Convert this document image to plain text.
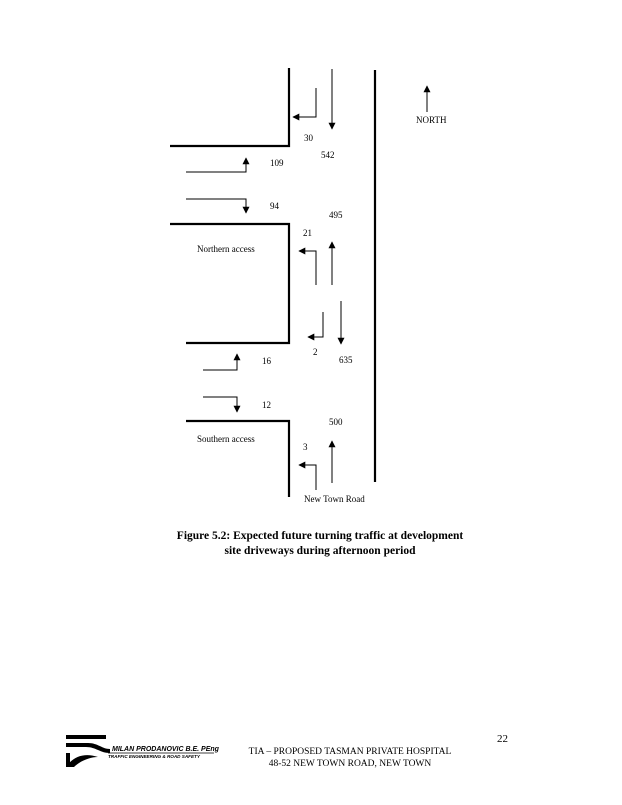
NORTH
30
542
109
94
495
21
2
635
16
12
500
3
Northern access
Southern access
New Town Road

Figure 5.2: Expected future turning traffic at development
site driveways during afternoon period

22
MILAN PRODANOVIC B.E. PEng
TRAFFIC ENGINEERING & ROAD SAFETY	TIA – PROPOSED TASMAN PRIVATE HOSPITAL
48-52 NEW TOWN ROAD, NEW TOWN
